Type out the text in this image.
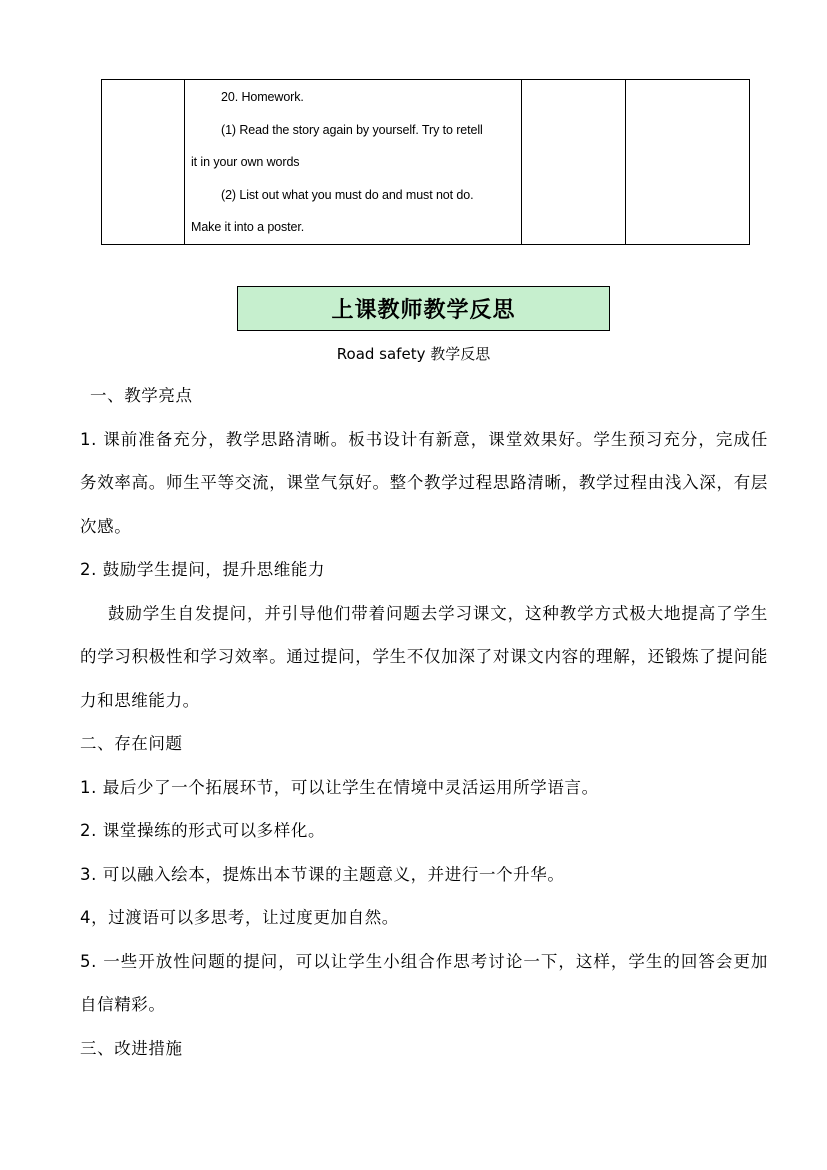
20. Homework.
(1) Read the story again by yourself. Try to retell
it in your own words
(2) List out what you must do and must not do.
Make it into a poster.

上课教师教学反思
Road safety 教学反思

一、教学亮点

1. 课前准备充分，教学思路清晰。板书设计有新意，课堂效果好。学生预习充分，完成任务效率高。师生平等交流，课堂气氛好。整个教学过程思路清晰，教学过程由浅入深，有层次感。

2. 鼓励学生提问，提升思维能力

鼓励学生自发提问，并引导他们带着问题去学习课文，这种教学方式极大地提高了学生的学习积极性和学习效率。通过提问，学生不仅加深了对课文内容的理解，还锻炼了提问能力和思维能力。

二、存在问题

1. 最后少了一个拓展环节，可以让学生在情境中灵活运用所学语言。

2. 课堂操练的形式可以多样化。

3. 可以融入绘本，提炼出本节课的主题意义，并进行一个升华。

4，过渡语可以多思考，让过度更加自然。

5. 一些开放性问题的提问，可以让学生小组合作思考讨论一下，这样，学生的回答会更加自信精彩。

三、改进措施
